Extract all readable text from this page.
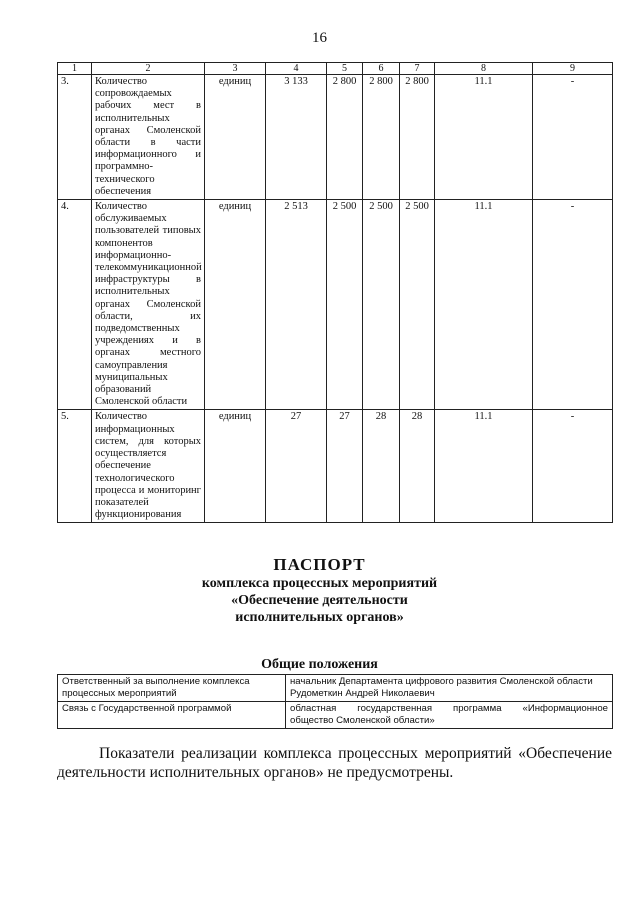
16
1	2	3	4	5	6	7	8	9
3.	Количество сопровождаемых рабочих мест в исполнительных органах Смоленской области в части информационного и программно-технического обеспечения	единиц	3 133	2 800	2 800	2 800	11.1	-
4.	Количество обслуживаемых пользователей типовых компонентов информационно-телекоммуникационной инфраструктуры в исполнительных органах Смоленской области, их подведомственных учреждениях и в органах местного самоуправления муниципальных образований Смоленской области	единиц	2 513	2 500	2 500	2 500	11.1	-
5.	Количество информационных систем, для которых осуществляется обеспечение технологического процесса и мониторинг показателей функционирования	единиц	27	27	28	28	11.1	-
ПАСПОРТ
комплекса процессных мероприятий
«Обеспечение деятельности
исполнительных органов»
Общие положения
Ответственный за выполнение комплекса процессных мероприятий	начальник Департамента цифрового развития Смоленской области
Рудометкин Андрей Николаевич

Связь с Государственной программой	областная государственная программа «Информационное
общество Смоленской области»
Показатели реализации комплекса процессных мероприятий «Обеспечение деятельности исполнительных органов» не предусмотрены.
